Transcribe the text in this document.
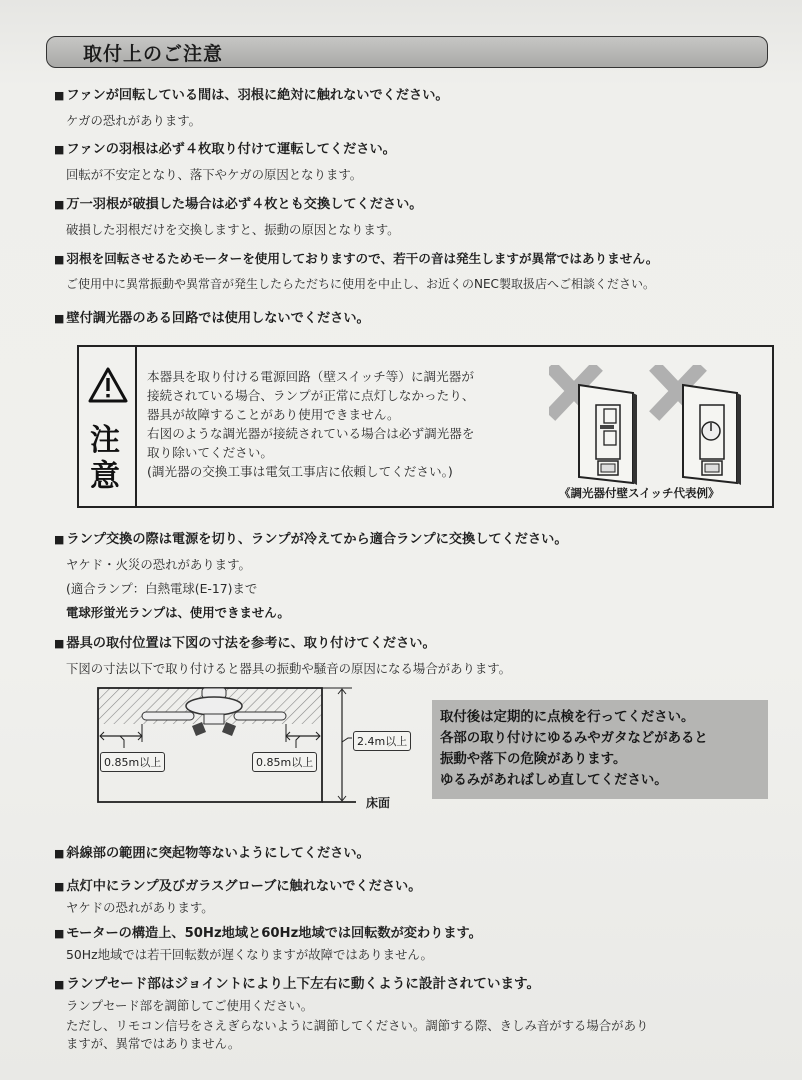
取付上のご注意
■ ファンが回転している間は、羽根に絶対に触れないでください。
ケガの恐れがあります。
■ ファンの羽根は必ず４枚取り付けて運転してください。
回転が不安定となり、落下やケガの原因となります。
■ 万一羽根が破損した場合は必ず４枚とも交換してください。
破損した羽根だけを交換しますと、振動の原因となります。
■ 羽根を回転させるためモーターを使用しておりますので、若干の音は発生しますが異常ではありません。
ご使用中に異常振動や異常音が発生したらただちに使用を中止し、お近くのNEC製取扱店へご相談ください。
■ 壁付調光器のある回路では使用しないでください。
注
意
本器具を取り付ける電源回路（壁スイッチ等）に調光器が
接続されている場合、ランプが正常に点灯しなかったり、
器具が故障することがあり使用できません。
右図のような調光器が接続されている場合は必ず調光器を
取り除いてください。
(調光器の交換工事は電気工事店に依頼してください。)
《調光器付壁スイッチ代表例》
■ ランプ交換の際は電源を切り、ランプが冷えてから適合ランプに交換してください。
ヤケド・火災の恐れがあります。
(適合ランプ：白熱電球(E-17)まで
電球形蛍光ランプは、使用できません。
■ 器具の取付位置は下図の寸法を参考に、取り付けてください。
下図の寸法以下で取り付けると器具の振動や騒音の原因になる場合があります。
0.85m以上	0.85m以上
2.4m以上
床面
取付後は定期的に点検を行ってください。
各部の取り付けにゆるみやガタなどがあると
振動や落下の危険があります。
ゆるみがあればしめ直してください。
■ 斜線部の範囲に突起物等ないようにしてください。
■ 点灯中にランプ及びガラスグローブに触れないでください。
ヤケドの恐れがあります。
■ モーターの構造上、50Hz地域と60Hz地域では回転数が変わります。
50Hz地域では若干回転数が遅くなりますが故障ではありません。
■ ランプセード部はジョイントにより上下左右に動くように設計されています。
ランプセード部を調節してご使用ください。
ただし、リモコン信号をさえぎらないように調節してください。調節する際、きしみ音がする場合があり
ますが、異常ではありません。
